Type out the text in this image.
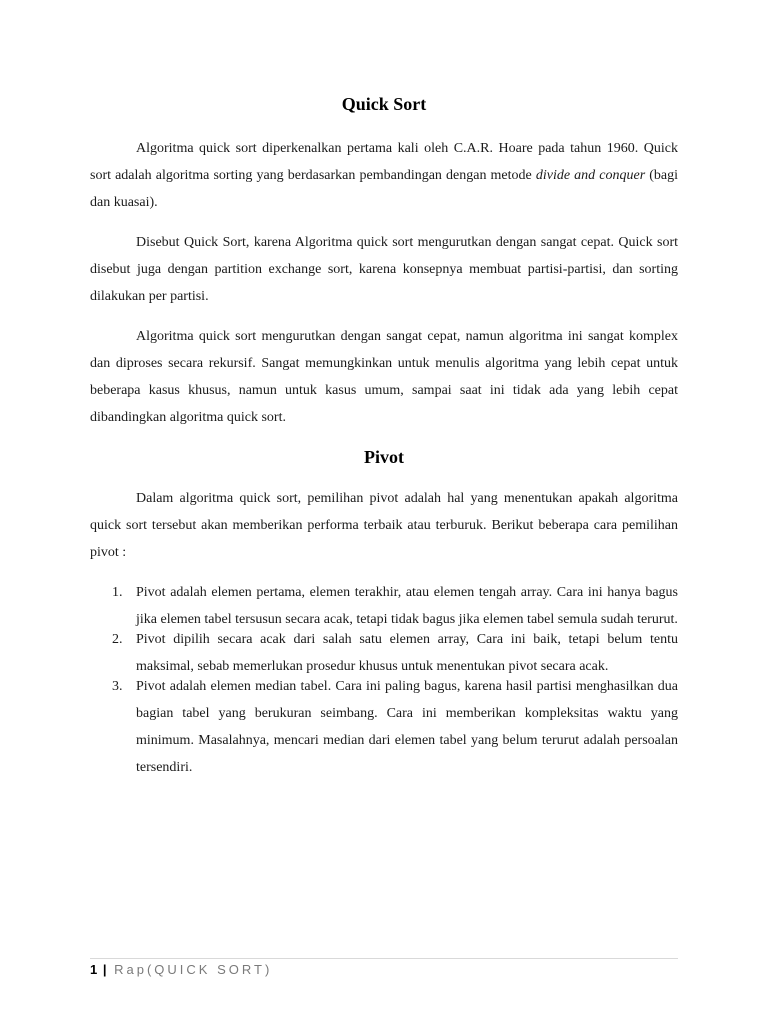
Quick Sort

Algoritma quick sort diperkenalkan pertama kali oleh C.A.R. Hoare pada tahun 1960. Quick sort adalah algoritma sorting yang berdasarkan pembandingan dengan metode divide and conquer (bagi dan kuasai).

Disebut Quick Sort, karena Algoritma quick sort mengurutkan dengan sangat cepat. Quick sort disebut juga dengan partition exchange sort, karena konsepnya membuat partisi-partisi, dan sorting dilakukan per partisi.

Algoritma quick sort mengurutkan dengan sangat cepat, namun algoritma ini sangat komplex dan diproses secara rekursif. Sangat memungkinkan untuk menulis algoritma yang lebih cepat untuk beberapa kasus khusus, namun untuk kasus umum, sampai saat ini tidak ada yang lebih cepat dibandingkan algoritma quick sort.

Pivot

Dalam algoritma quick sort, pemilihan pivot adalah hal yang menentukan apakah algoritma quick sort tersebut akan memberikan performa terbaik atau terburuk. Berikut beberapa cara pemilihan pivot :

1. Pivot adalah elemen pertama, elemen terakhir, atau elemen tengah array. Cara ini hanya bagus jika elemen tabel tersusun secara acak, tetapi tidak bagus jika elemen tabel semula sudah terurut.
2. Pivot dipilih secara acak dari salah satu elemen array, Cara ini baik, tetapi belum tentu maksimal, sebab memerlukan prosedur khusus untuk menentukan pivot secara acak.
3. Pivot adalah elemen median tabel. Cara ini paling bagus, karena hasil partisi menghasilkan dua bagian tabel yang berukuran seimbang. Cara ini memberikan kompleksitas waktu yang minimum. Masalahnya, mencari median dari elemen tabel yang belum terurut adalah persoalan tersendiri.
1 | Rap(QUICK SORT)
